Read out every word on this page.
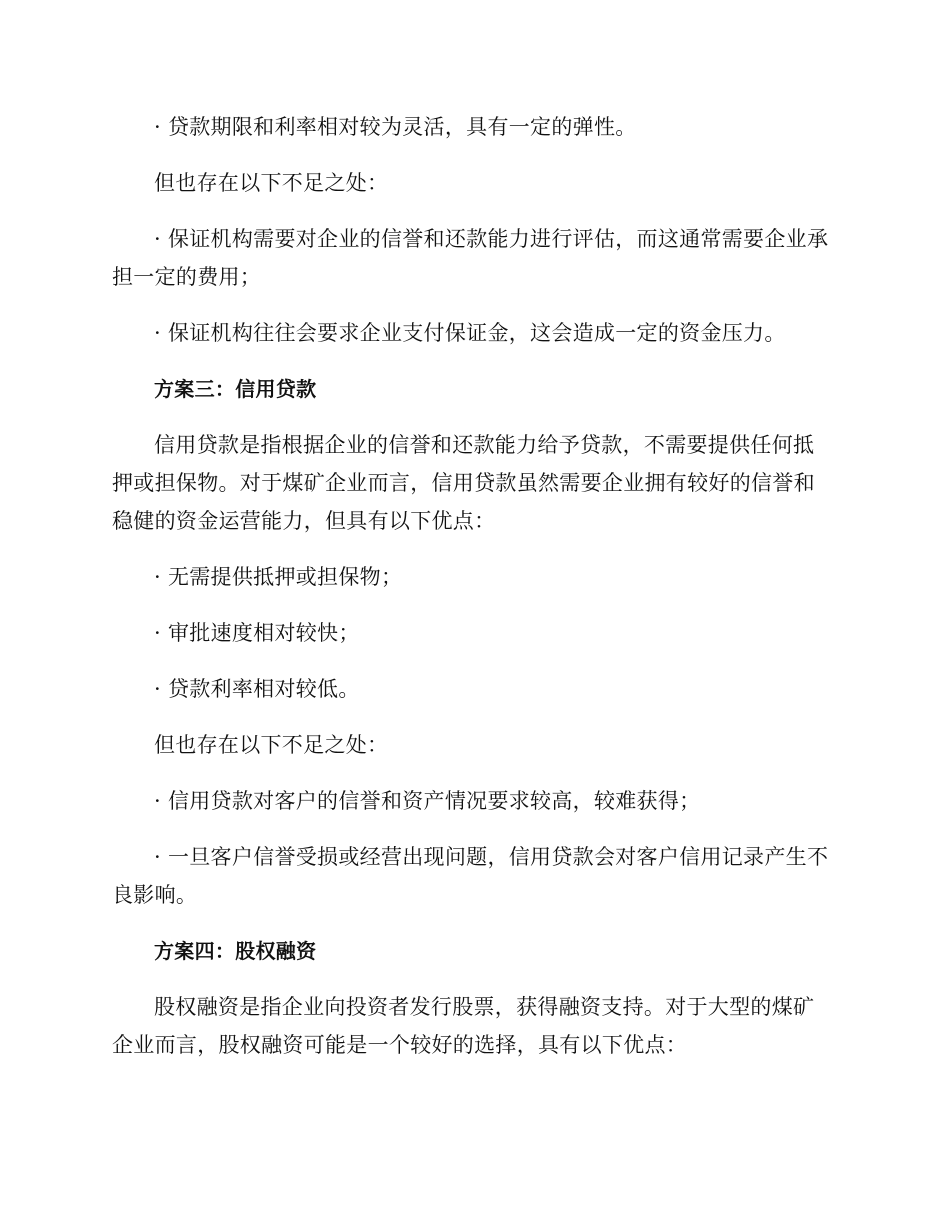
· 贷款期限和利率相对较为灵活，具有一定的弹性。

但也存在以下不足之处：

· 保证机构需要对企业的信誉和还款能力进行评估，而这通常需要企业承担一定的费用；

· 保证机构往往会要求企业支付保证金，这会造成一定的资金压力。

方案三：信用贷款

信用贷款是指根据企业的信誉和还款能力给予贷款，不需要提供任何抵押或担保物。对于煤矿企业而言，信用贷款虽然需要企业拥有较好的信誉和稳健的资金运营能力，但具有以下优点：

· 无需提供抵押或担保物；

· 审批速度相对较快；

· 贷款利率相对较低。

但也存在以下不足之处：

· 信用贷款对客户的信誉和资产情况要求较高，较难获得；

· 一旦客户信誉受损或经营出现问题，信用贷款会对客户信用记录产生不良影响。

方案四：股权融资

股权融资是指企业向投资者发行股票，获得融资支持。对于大型的煤矿企业而言，股权融资可能是一个较好的选择，具有以下优点：
